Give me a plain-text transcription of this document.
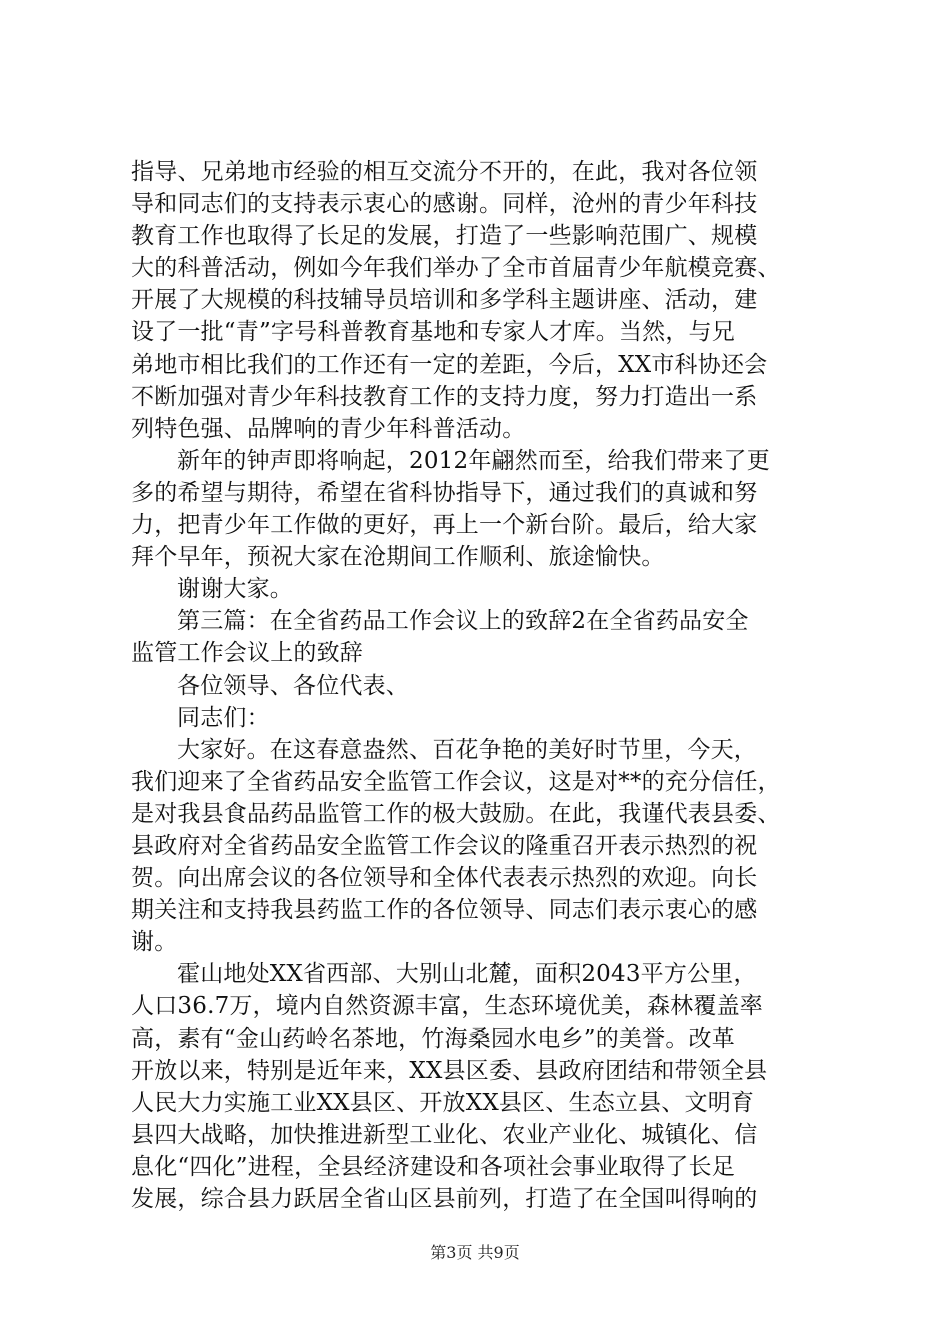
指导、兄弟地市经验的相互交流分不开的，在此，我对各位领
导和同志们的支持表示衷心的感谢。同样，沧州的青少年科技
教育工作也取得了长足的发展，打造了一些影响范围广、规模
大的科普活动，例如今年我们举办了全市首届青少年航模竞赛、
开展了大规模的科技辅导员培训和多学科主题讲座、活动，建
设了一批“青”字号科普教育基地和专家人才库。当然，与兄
弟地市相比我们的工作还有一定的差距，今后，XX市科协还会
不断加强对青少年科技教育工作的支持力度，努力打造出一系
列特色强、品牌响的青少年科普活动。
新年的钟声即将响起，2012年翩然而至，给我们带来了更
多的希望与期待，希望在省科协指导下，通过我们的真诚和努
力，把青少年工作做的更好，再上一个新台阶。最后，给大家
拜个早年，预祝大家在沧期间工作顺利、旅途愉快。
谢谢大家。
第三篇：在全省药品工作会议上的致辞2在全省药品安全
监管工作会议上的致辞
各位领导、各位代表、
同志们：
大家好。在这春意盎然、百花争艳的美好时节里，今天，
我们迎来了全省药品安全监管工作会议，这是对**的充分信任，
是对我县食品药品监管工作的极大鼓励。在此，我谨代表县委、
县政府对全省药品安全监管工作会议的隆重召开表示热烈的祝
贺。向出席会议的各位领导和全体代表表示热烈的欢迎。向长
期关注和支持我县药监工作的各位领导、同志们表示衷心的感
谢。
霍山地处XX省西部、大别山北麓，面积2043平方公里，
人口36.7万，境内自然资源丰富，生态环境优美，森林覆盖率
高，素有“金山药岭名茶地，竹海桑园水电乡”的美誉。改革
开放以来，特别是近年来，XX县区委、县政府团结和带领全县
人民大力实施工业XX县区、开放XX县区、生态立县、文明育
县四大战略，加快推进新型工业化、农业产业化、城镇化、信
息化“四化”进程，全县经济建设和各项社会事业取得了长足
发展，综合县力跃居全省山区县前列，打造了在全国叫得响的
第3页 共9页
